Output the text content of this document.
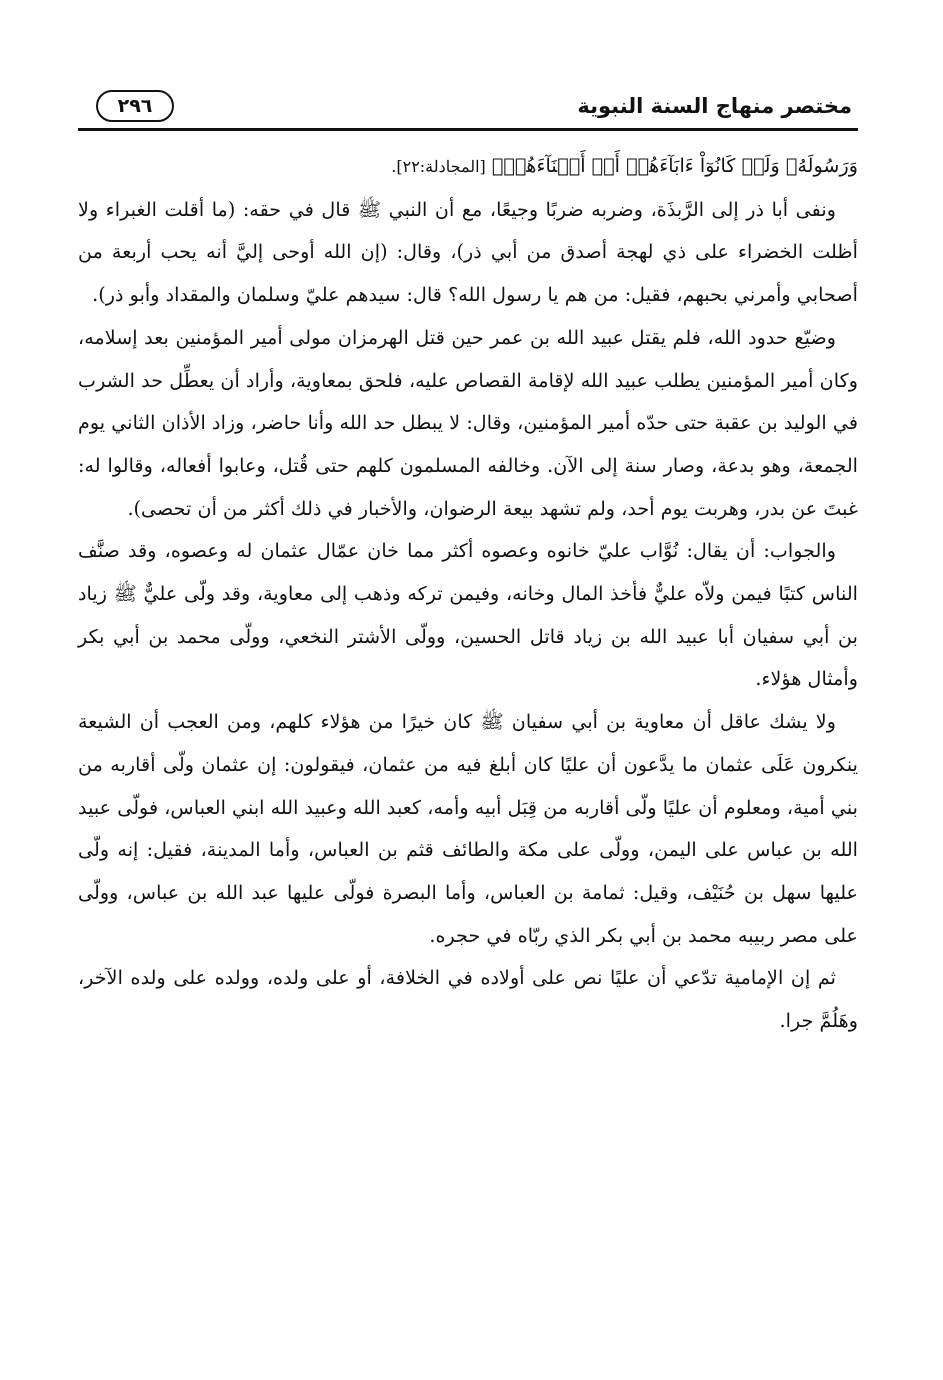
مختصر منهاج السنة النبوية
٢٩٦

وَرَسُولَهُۥ وَلَوۡ كَانُوٓاْ ءَابَآءَهُمۡ أَوۡ أَبۡنَآءَهُمۡ﴾ [المجادلة:٢٢].

ونفى أبا ذر إلى الرَّبذَة، وضربه ضربًا وجيعًا، مع أن النبي ﷺ قال في حقه: (ما أقلت الغبراء ولا أظلت الخضراء على ذي لهجة أصدق من أبي ذر)، وقال: (إن الله أوحى إليَّ أنه يحب أربعة من أصحابي وأمرني بحبهم، فقيل: من هم يا رسول الله؟ قال: سيدهم عليّ وسلمان والمقداد وأبو ذر).

وضيّع حدود الله، فلم يقتل عبيد الله بن عمر حين قتل الهرمزان مولى أمير المؤمنين بعد إسلامه، وكان أمير المؤمنين يطلب عبيد الله لإقامة القصاص عليه، فلحق بمعاوية، وأراد أن يعطِّل حد الشرب في الوليد بن عقبة حتى حدّه أمير المؤمنين، وقال: لا يبطل حد الله وأنا حاضر، وزاد الأذان الثاني يوم الجمعة، وهو بدعة، وصار سنة إلى الآن. وخالفه المسلمون كلهم حتى قُتل، وعابوا أفعاله، وقالوا له: غبتَ عن بدر، وهربت يوم أحد، ولم تشهد بيعة الرضوان، والأخبار في ذلك أكثر من أن تحصى).

والجواب: أن يقال: نُوَّاب عليّ خانوه وعصوه أكثر مما خان عمّال عثمان له وعصوه، وقد صنَّف الناس كتبًا فيمن ولاّه عليٌّ فأخذ المال وخانه، وفيمن تركه وذهب إلى معاوية، وقد ولّى عليٌّ ﷺ زياد بن أبي سفيان أبا عبيد الله بن زياد قاتل الحسين، وولّى الأشتر النخعي، وولّى محمد بن أبي بكر وأمثال هؤلاء.

ولا يشك عاقل أن معاوية بن أبي سفيان ﷺ كان خيرًا من هؤلاء كلهم، ومن العجب أن الشيعة ينكرون عَلَى عثمان ما يدَّعون أن عليًا كان أبلغ فيه من عثمان، فيقولون: إن عثمان ولّى أقاربه من بني أمية، ومعلوم أن عليًا ولّى أقاربه من قِبَل أبيه وأمه، كعبد الله وعبيد الله ابني العباس، فولّى عبيد الله بن عباس على اليمن، وولّى على مكة والطائف قثم بن العباس، وأما المدينة، فقيل: إنه ولّى عليها سهل بن حُنَيْف، وقيل: ثمامة بن العباس، وأما البصرة فولّى عليها عبد الله بن عباس، وولّى على مصر ربيبه محمد بن أبي بكر الذي ربّاه في حجره.

ثم إن الإمامية تدّعي أن عليًا نص على أولاده في الخلافة، أو على ولده، وولده على ولده الآخر، وهَلُمَّ جرا.
